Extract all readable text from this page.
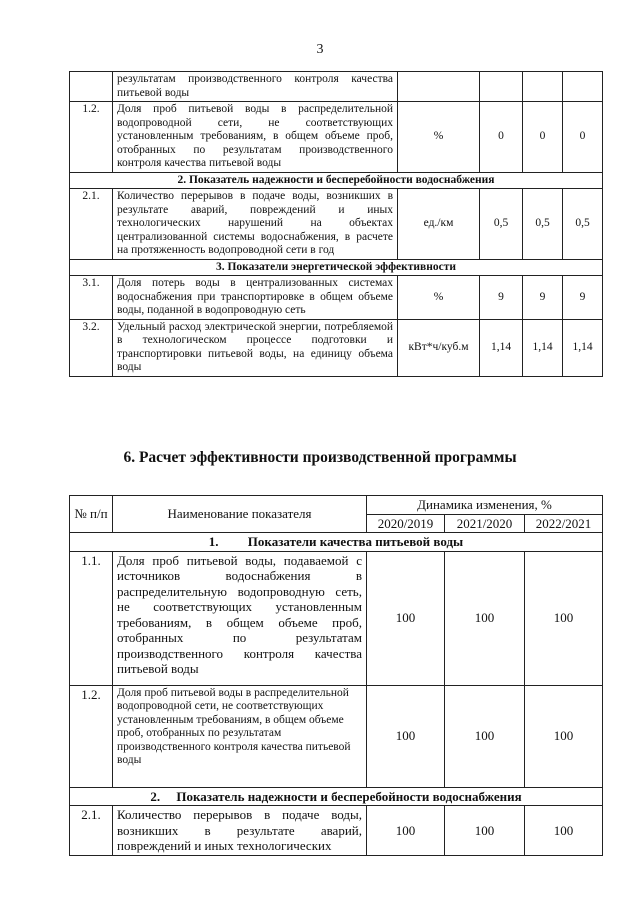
3
	результатам производственного контроля качества питьевой воды				
1.2.	Доля проб питьевой воды в распределительной водопроводной сети, не соответствующих установленным требованиям, в общем объеме проб, отобранных по результатам производственного контроля качества питьевой воды	%	0	0	0
2. Показатель надежности и бесперебойности водоснабжения					
2.1.	Количество перерывов в подаче воды, возникших в результате аварий, повреждений и иных технологических нарушений на объектах централизованной системы водоснабжения, в расчете на протяженность водопроводной сети в год	ед./км	0,5	0,5	0,5
3. Показатели энергетической эффективности					
3.1.	Доля потерь воды в централизованных системах водоснабжения при транспортировке в общем объеме воды, поданной в водопроводную сеть	%	9	9	9
3.2.	Удельный расход электрической энергии, потребляемой в технологическом процессе подготовки и транспортировки питьевой воды, на единицу объема воды	кВт*ч/куб.м	1,14	1,14	1,14
6. Расчет эффективности производственной программы
№ п/п	Наименование показателя	Динамика изменения, %		
		2020/2019	2021/2020	2022/2021
1. Показатели качества питьевой воды				
1.1.	Доля проб питьевой воды, подаваемой с источников водоснабжения в распределительную водопроводную сеть, не соответствующих установленным требованиям, в общем объеме проб, отобранных по результатам производственного контроля качества питьевой воды	100	100	100
1.2.	Доля проб питьевой воды в распределительной водопроводной сети, не соответствующих установленным требованиям, в общем объеме проб, отобранных по результатам производственного контроля качества питьевой воды	100	100	100
2. Показатель надежности и бесперебойности водоснабжения				
2.1.	Количество перерывов в подаче воды, возникших в результате аварий, повреждений и иных технологических	100	100	100
